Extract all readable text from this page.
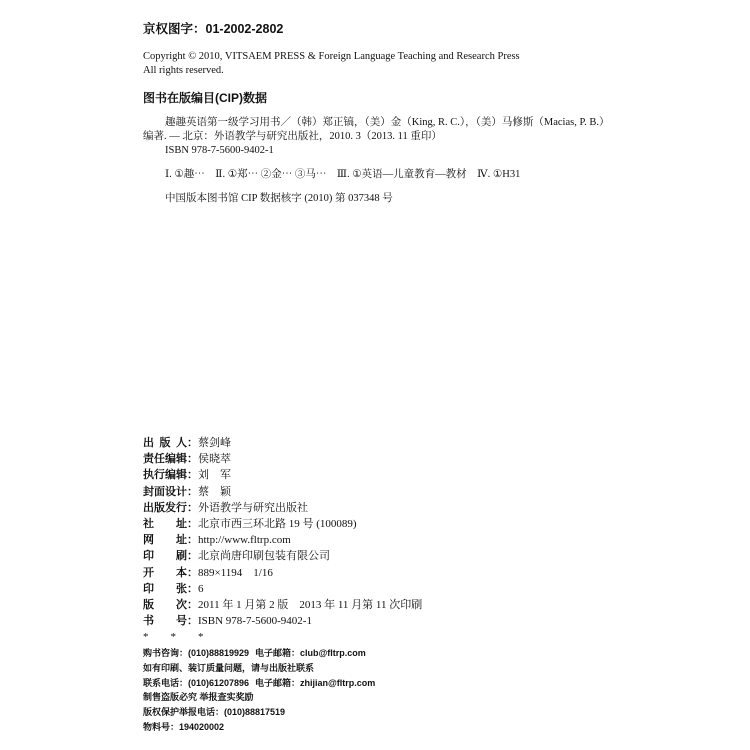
京权图字：01-2002-2802
Copyright © 2010, VITSAEM PRESS & Foreign Language Teaching and Research Press
All rights reserved.
图书在版编目(CIP)数据
趣趣英语第一级学习用书／（韩）郑正镐，（美）金（King, R. C.），（美）马修斯（Macias, P. B.）
编著. — 北京：外语教学与研究出版社，2010. 3（2013. 11 重印）
ISBN 978-7-5600-9402-1
Ⅰ. ①趣⋯　Ⅱ. ①郑⋯ ②金⋯ ③马⋯　Ⅲ. ①英语—儿童教育—教材　Ⅳ. ①H31
中国版本图书馆 CIP 数据核字 (2010) 第 037348 号
出 版 人：蔡剑峰
责任编辑：侯晓萃
执行编辑：刘　军
封面设计：蔡　颖
出版发行：外语教学与研究出版社
社 址：北京市西三环北路 19 号 (100089)
网 址：http://www.fltrp.com
印 刷：北京尚唐印刷包装有限公司
开 本：889×1194　1/16
印 张：6
版 次：2011 年 1 月第 2 版　2013 年 11 月第 11 次印刷
书 号：ISBN 978-7-5600-9402-1
*　　*　　*
购书咨询：(010)88819929 电子邮箱：club@fltrp.com
如有印刷、装订质量问题，请与出版社联系
联系电话：(010)61207896 电子邮箱：zhijian@fltrp.com
制售盗版必究 举报查实奖励
版权保护举报电话：(010)88817519
物料号：194020002
